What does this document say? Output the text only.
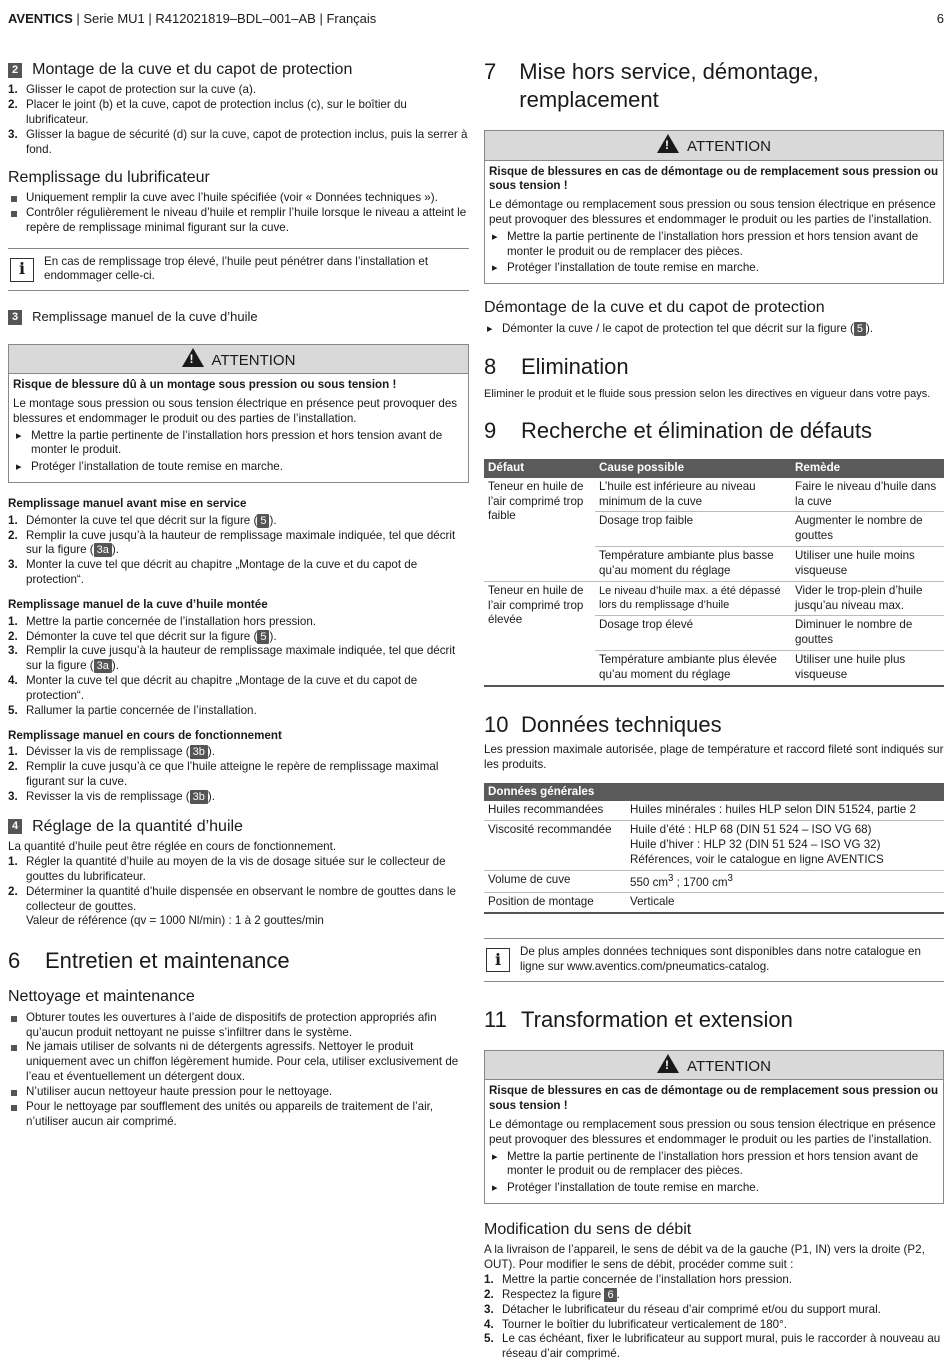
AVENTICS | Serie MU1 | R412021819–BDL–001–AB | Français	6
2 Montage de la cuve et du capot de protection
1. Glisser le capot de protection sur la cuve (a).
2. Placer le joint (b) et la cuve, capot de protection inclus (c), sur le boîtier du lubrificateur.
3. Glisser la bague de sécurité (d) sur la cuve, capot de protection inclus, puis la serrer à fond.
Remplissage du lubrificateur
Uniquement remplir la cuve avec l’huile spécifiée (voir « Données techniques »).
Contrôler régulièrement le niveau d’huile et remplir l’huile lorsque le niveau a atteint le repère de remplissage minimal figurant sur la cuve.
i	En cas de remplissage trop élevé, l’huile peut pénétrer dans l’installation et endommager celle-ci.

3	Remplissage manuel de la cuve d’huile
!ATTENTION

Risque de blessure dû à un montage sous pression ou sous tension !

Le montage sous pression ou sous tension électrique en présence peut provoquer des blessures et endommager le produit ou des parties de l’installation.

▸ Mettre la partie pertinente de l’installation hors pression et hors tension avant de monter le produit.
▸ Protéger l’installation de toute remise en marche.
Remplissage manuel avant mise en service
1. Démonter la cuve tel que décrit sur la figure ( 5 ).
2. Remplir la cuve jusqu’à la hauteur de remplissage maximale indiquée, tel que décrit sur la figure ( 3a ).
3. Monter la cuve tel que décrit au chapitre „Montage de la cuve et du capot de protection“.
Remplissage manuel de la cuve d’huile montée
1. Mettre la partie concernée de l’installation hors pression.
2. Démonter la cuve tel que décrit sur la figure ( 5 ).
3. Remplir la cuve jusqu’à la hauteur de remplissage maximale indiquée, tel que décrit sur la figure ( 3a ).
4. Monter la cuve tel que décrit au chapitre „Montage de la cuve et du capot de protection“.
5. Rallumer la partie concernée de l’installation.
Remplissage manuel en cours de fonctionnement
1. Dévisser la vis de remplissage ( 3b ).
2. Remplir la cuve jusqu’à ce que l’huile atteigne le repère de remplissage maximal figurant sur la cuve.
3. Revisser la vis de remplissage ( 3b ).
4 Réglage de la quantité d’huile

La quantité d’huile peut être réglée en cours de fonctionnement.

1. Régler la quantité d’huile au moyen de la vis de dosage située sur le collecteur de gouttes du lubrificateur.
2. Déterminer la quantité d’huile dispensée en observant le nombre de gouttes dans le collecteur de gouttes.
Valeur de référence (qv = 1000 Nl/min) : 1 à 2 gouttes/min
6	Entretien et maintenance
Nettoyage et maintenance
Obturer toutes les ouvertures à l’aide de dispositifs de protection appropriés afin qu’aucun produit nettoyant ne puisse s’infiltrer dans le système.
Ne jamais utiliser de solvants ni de détergents agressifs. Nettoyer le produit uniquement avec un chiffon légèrement humide. Pour cela, utiliser exclusivement de l’eau et éventuellement un détergent doux.
N’utiliser aucun nettoyeur haute pression pour le nettoyage.
Pour le nettoyage par soufflement des unités ou appareils de traitement de l’air, n’utiliser aucun air comprimé.
7	Mise hors service, démontage, remplacement
!ATTENTION

Risque de blessures en cas de démontage ou de remplacement sous pression ou sous tension !

Le démontage ou remplacement sous pression ou sous tension électrique en présence peut provoquer des blessures et endommager le produit ou les parties de l’installation.

▸ Mettre la partie pertinente de l’installation hors pression et hors tension avant de monter le produit ou de remplacer des pièces.
▸ Protéger l’installation de toute remise en marche.
Démontage de la cuve et du capot de protection
▸ Démonter la cuve / le capot de protection tel que décrit sur la figure ( 5 ).
8	Elimination

Eliminer le produit et le fluide sous pression selon les directives en vigueur dans votre pays.

9	Recherche et élimination de défauts
Défaut	Cause possible	Remède
Teneur en huile de l’air comprimé trop faible	L’huile est inférieure au niveau minimum de la cuve	Faire le niveau d’huile dans la cuve
	Dosage trop faible	Augmenter le nombre de gouttes
	Température ambiante plus basse qu’au moment du réglage	Utiliser une huile moins visqueuse
Teneur en huile de l’air comprimé trop élevée	Le niveau d’huile max. a été dépassé lors du remplissage d’huile	Vider le trop-plein d’huile jusqu’au niveau max.
	Dosage trop élevé	Diminuer le nombre de gouttes
	Température ambiante plus élevée qu’au moment du réglage	Utiliser une huile plus visqueuse
10 Données techniques

Les pression maximale autorisée, plage de température et raccord fileté sont indiqués sur les produits.

Données générales	
Huiles recommandées	Huiles minérales : huiles HLP selon DIN 51524, partie 2
Viscosité recommandée	Huile d’été : HLP 68 (DIN 51 524 – ISO VG 68)
Huile d’hiver : HLP 32 (DIN 51 524 – ISO VG 32)
Références, voir le catalogue en ligne AVENTICS
Volume de cuve	550 $cm^3$ ; 1700 $cm^3$
Position de montage	Verticale
i	De plus amples données techniques sont disponibles dans notre catalogue en ligne sur www.aventics.com/pneumatics-catalog.

11 Transformation et extension
!ATTENTION

Risque de blessures en cas de démontage ou de remplacement sous pression ou sous tension !

Le démontage ou remplacement sous pression ou sous tension électrique en présence peut provoquer des blessures et endommager le produit ou les parties de l’installation.

▸ Mettre la partie pertinente de l’installation hors pression et hors tension avant de monter le produit ou de remplacer des pièces.
▸ Protéger l’installation de toute remise en marche.
Modification du sens de débit

A la livraison de l’appareil, le sens de débit va de la gauche (P1, IN) vers la droite (P2, OUT). Pour modifier le sens de débit, procéder comme suit :

1. Mettre la partie concernée de l’installation hors pression.
2. Respectez la figure 6 .
3. Détacher le lubrificateur du réseau d’air comprimé et/ou du support mural.
4. Tourner le boîtier du lubrificateur verticalement de 180°.
5. Le cas échéant, fixer le lubrificateur au support mural, puis le raccorder à nouveau au réseau d’air comprimé.
